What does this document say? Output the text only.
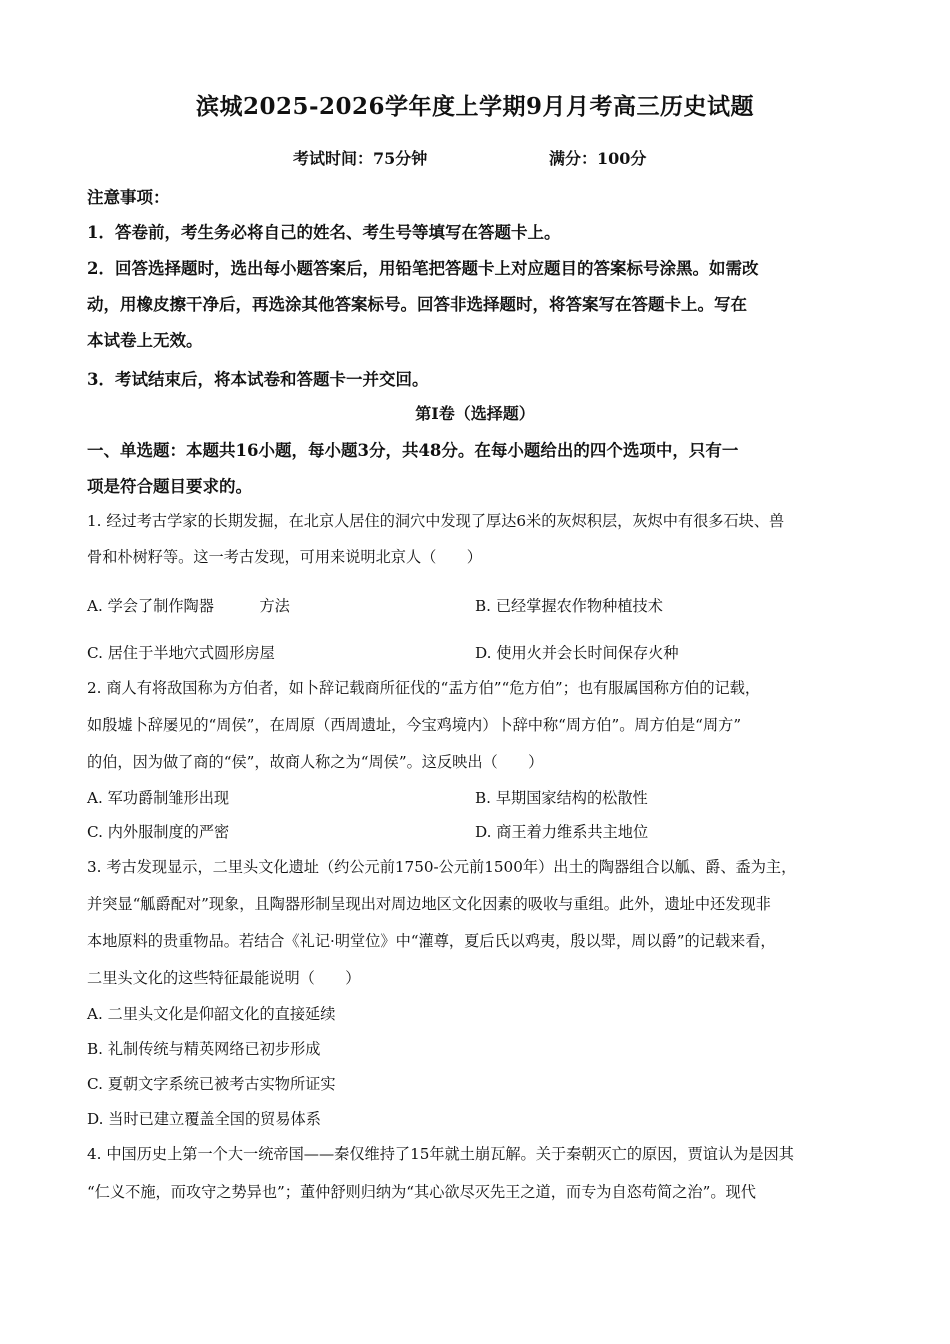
滨城2025-2026学年度上学期9月月考高三历史试题
考试时间：75分钟	满分：100分
注意事项：
1．答卷前，考生务必将自己的姓名、考生号等填写在答题卡上。
2．回答选择题时，选出每小题答案后，用铅笔把答题卡上对应题目的答案标号涂黑。如需改
动，用橡皮擦干净后，再选涂其他答案标号。回答非选择题时，将答案写在答题卡上。写在
本试卷上无效。
3．考试结束后，将本试卷和答题卡一并交回。
第Ⅰ卷（选择题）
一、单选题：本题共16小题，每小题3分，共48分。在每小题给出的四个选项中，只有一
项是符合题目要求的。
1. 经过考古学家的长期发掘，在北京人居住的洞穴中发现了厚达6米的灰烬积层，灰烬中有很多石块、兽
骨和朴树籽等。这一考古发现，可用来说明北京人（　　）
A. 学会了制作陶器　　　方法	B. 已经掌握农作物种植技术
C. 居住于半地穴式圆形房屋	D. 使用火并会长时间保存火种
2. 商人有将敌国称为方伯者，如卜辞记载商所征伐的“盂方伯”“危方伯”；也有服属国称方伯的记载，
如殷墟卜辞屡见的“周侯”，在周原（西周遗址，今宝鸡境内）卜辞中称“周方伯”。周方伯是“周方”
的伯，因为做了商的“侯”，故商人称之为“周侯”。这反映出（　　）
A. 军功爵制雏形出现	B. 早期国家结构的松散性
C. 内外服制度的严密	D. 商王着力维系共主地位
3. 考古发现显示，二里头文化遗址（约公元前1750-公元前1500年）出土的陶器组合以觚、爵、盉为主，
并突显“觚爵配对”现象，且陶器形制呈现出对周边地区文化因素的吸收与重组。此外，遗址中还发现非
本地原料的贵重物品。若结合《礼记·明堂位》中“灌尊，夏后氏以鸡夷，殷以斝，周以爵”的记载来看，
二里头文化的这些特征最能说明（　　）
A. 二里头文化是仰韶文化的直接延续
B. 礼制传统与精英网络已初步形成
C. 夏朝文字系统已被考古实物所证实
D. 当时已建立覆盖全国的贸易体系
4. 中国历史上第一个大一统帝国——秦仅维持了15年就土崩瓦解。关于秦朝灭亡的原因，贾谊认为是因其
“仁义不施，而攻守之势异也”；董仲舒则归纳为“其心欲尽灭先王之道，而专为自恣苟简之治”。现代
